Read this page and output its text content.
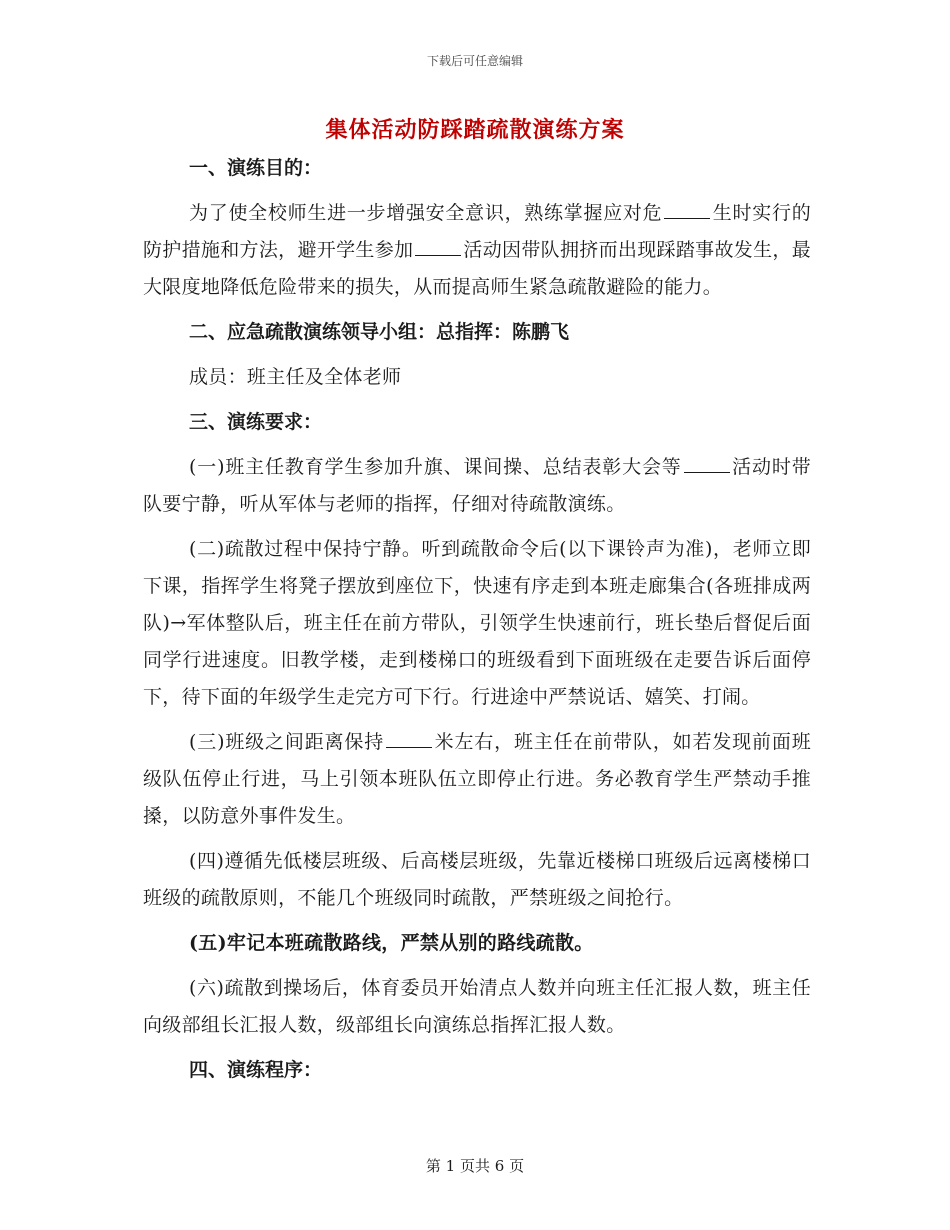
下载后可任意编辑
集体活动防踩踏疏散演练方案

一、演练目的：

为了使全校师生进一步增强安全意识，熟练掌握应对危	生时实行的防护措施和方法，避开学生参加	活动因带队拥挤而出现踩踏事故发生，最大限度地降低危险带来的损失，从而提高师生紧急疏散避险的能力。

二、应急疏散演练领导小组：总指挥：陈鹏飞

成员：班主任及全体老师

三、演练要求：

(一)班主任教育学生参加升旗、课间操、总结表彰大会等	活动时带队要宁静，听从军体与老师的指挥，仔细对待疏散演练。

(二)疏散过程中保持宁静。听到疏散命令后(以下课铃声为准)，老师立即下课，指挥学生将凳子摆放到座位下，快速有序走到本班走廊集合(各班排成两队)→军体整队后，班主任在前方带队，引领学生快速前行，班长垫后督促后面同学行进速度。旧教学楼，走到楼梯口的班级看到下面班级在走要告诉后面停下，待下面的年级学生走完方可下行。行进途中严禁说话、嬉笑、打闹。

(三)班级之间距离保持	米左右，班主任在前带队，如若发现前面班级队伍停止行进，马上引领本班队伍立即停止行进。务必教育学生严禁动手推搡，以防意外事件发生。

(四)遵循先低楼层班级、后高楼层班级，先靠近楼梯口班级后远离楼梯口班级的疏散原则，不能几个班级同时疏散，严禁班级之间抢行。

(五)牢记本班疏散路线，严禁从别的路线疏散。

(六)疏散到操场后，体育委员开始清点人数并向班主任汇报人数，班主任向级部组长汇报人数，级部组长向演练总指挥汇报人数。

四、演练程序：

第 1 页共 6 页
